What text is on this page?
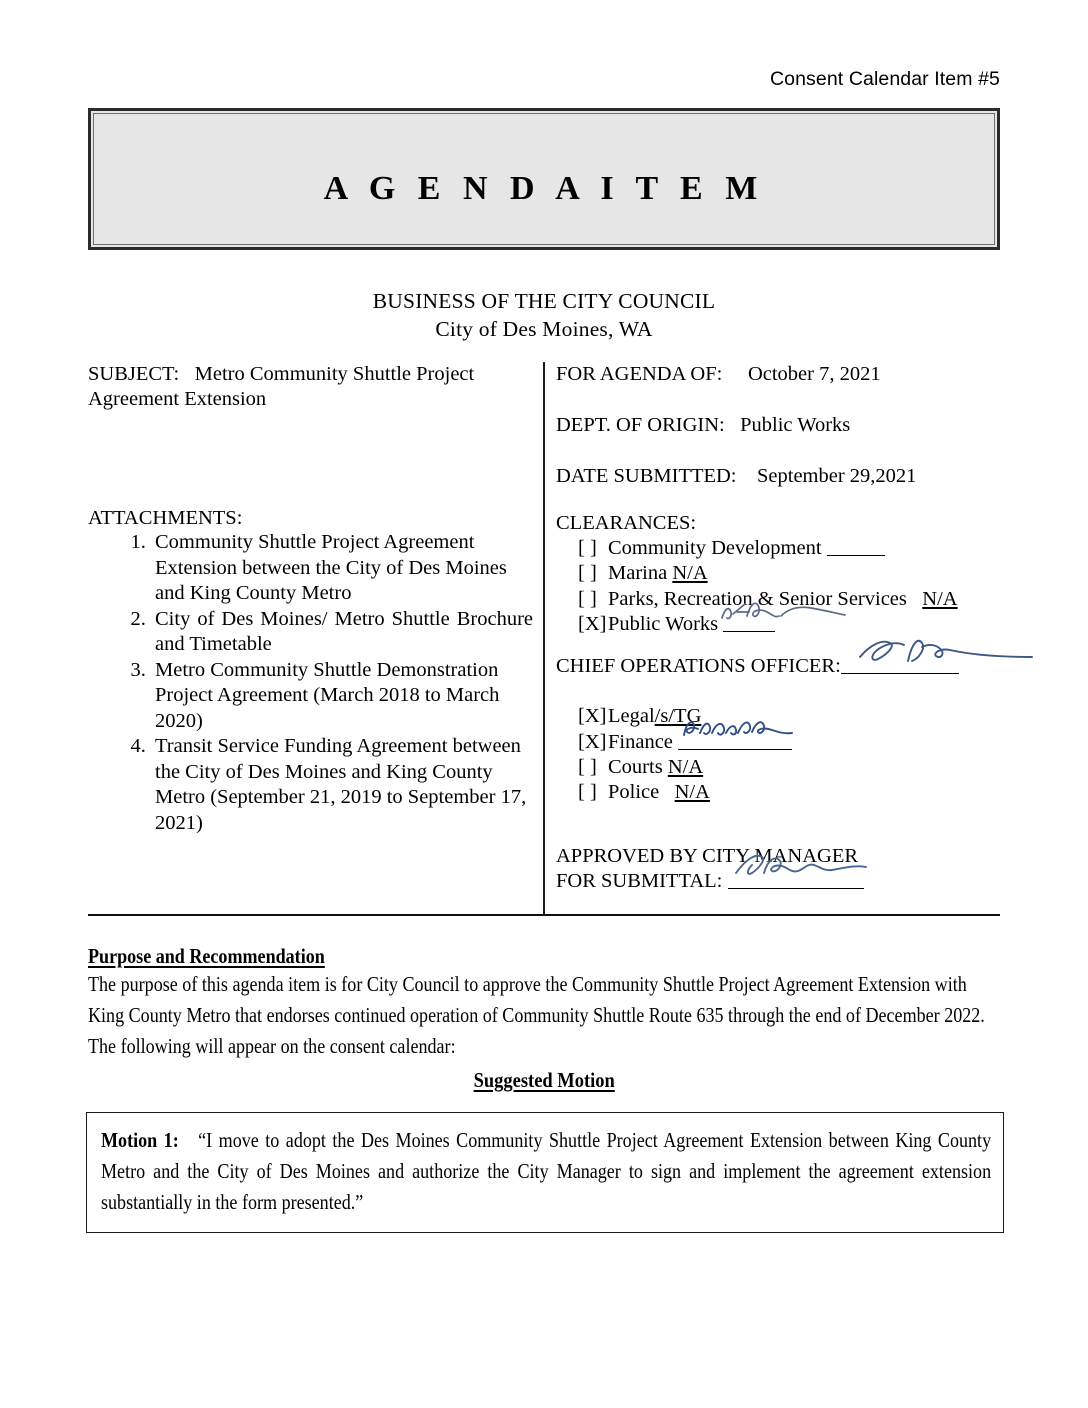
Consent Calendar Item #5
A G E N D A I T E M
BUSINESS OF THE CITY COUNCIL
City of Des Moines, WA

SUBJECT: Metro Community Shuttle Project Agreement Extension

ATTACHMENTS:

1. Community Shuttle Project Agreement Extension between the City of Des Moines and King County Metro
2. City of Des Moines/ Metro Shuttle Brochure and Timetable
3. Metro Community Shuttle Demonstration Project Agreement (March 2018 to March 2020)
4. Transit Service Funding Agreement between the City of Des Moines and King County Metro (September 21, 2019 to September 17, 2021)

FOR AGENDA OF: October 7, 2021

DEPT. OF ORIGIN: Public Works

DATE SUBMITTED: September 29,2021

CLEARANCES:

[ ] Community Development

[ ] Marina N/A

[ ] Parks, Recreation & Senior Services N/A

[X]Public Works

CHIEF OPERATIONS OFFICER:

[X]Legal/s/TG

[X]Finance

[ ] Courts N/A

[ ] Police N/A

APPROVED BY CITY MANAGER
FOR SUBMITTAL:
Purpose and Recommendation

The purpose of this agenda item is for City Council to approve the Community Shuttle Project Agreement Extension with King County Metro that endorses continued operation of Community Shuttle Route 635 through the end of December 2022. The following will appear on the consent calendar:

Suggested Motion

Motion 1: “I move to adopt the Des Moines Community Shuttle Project Agreement Extension between King County Metro and the City of Des Moines and authorize the City Manager to sign and implement the agreement extension substantially in the form presented.”
